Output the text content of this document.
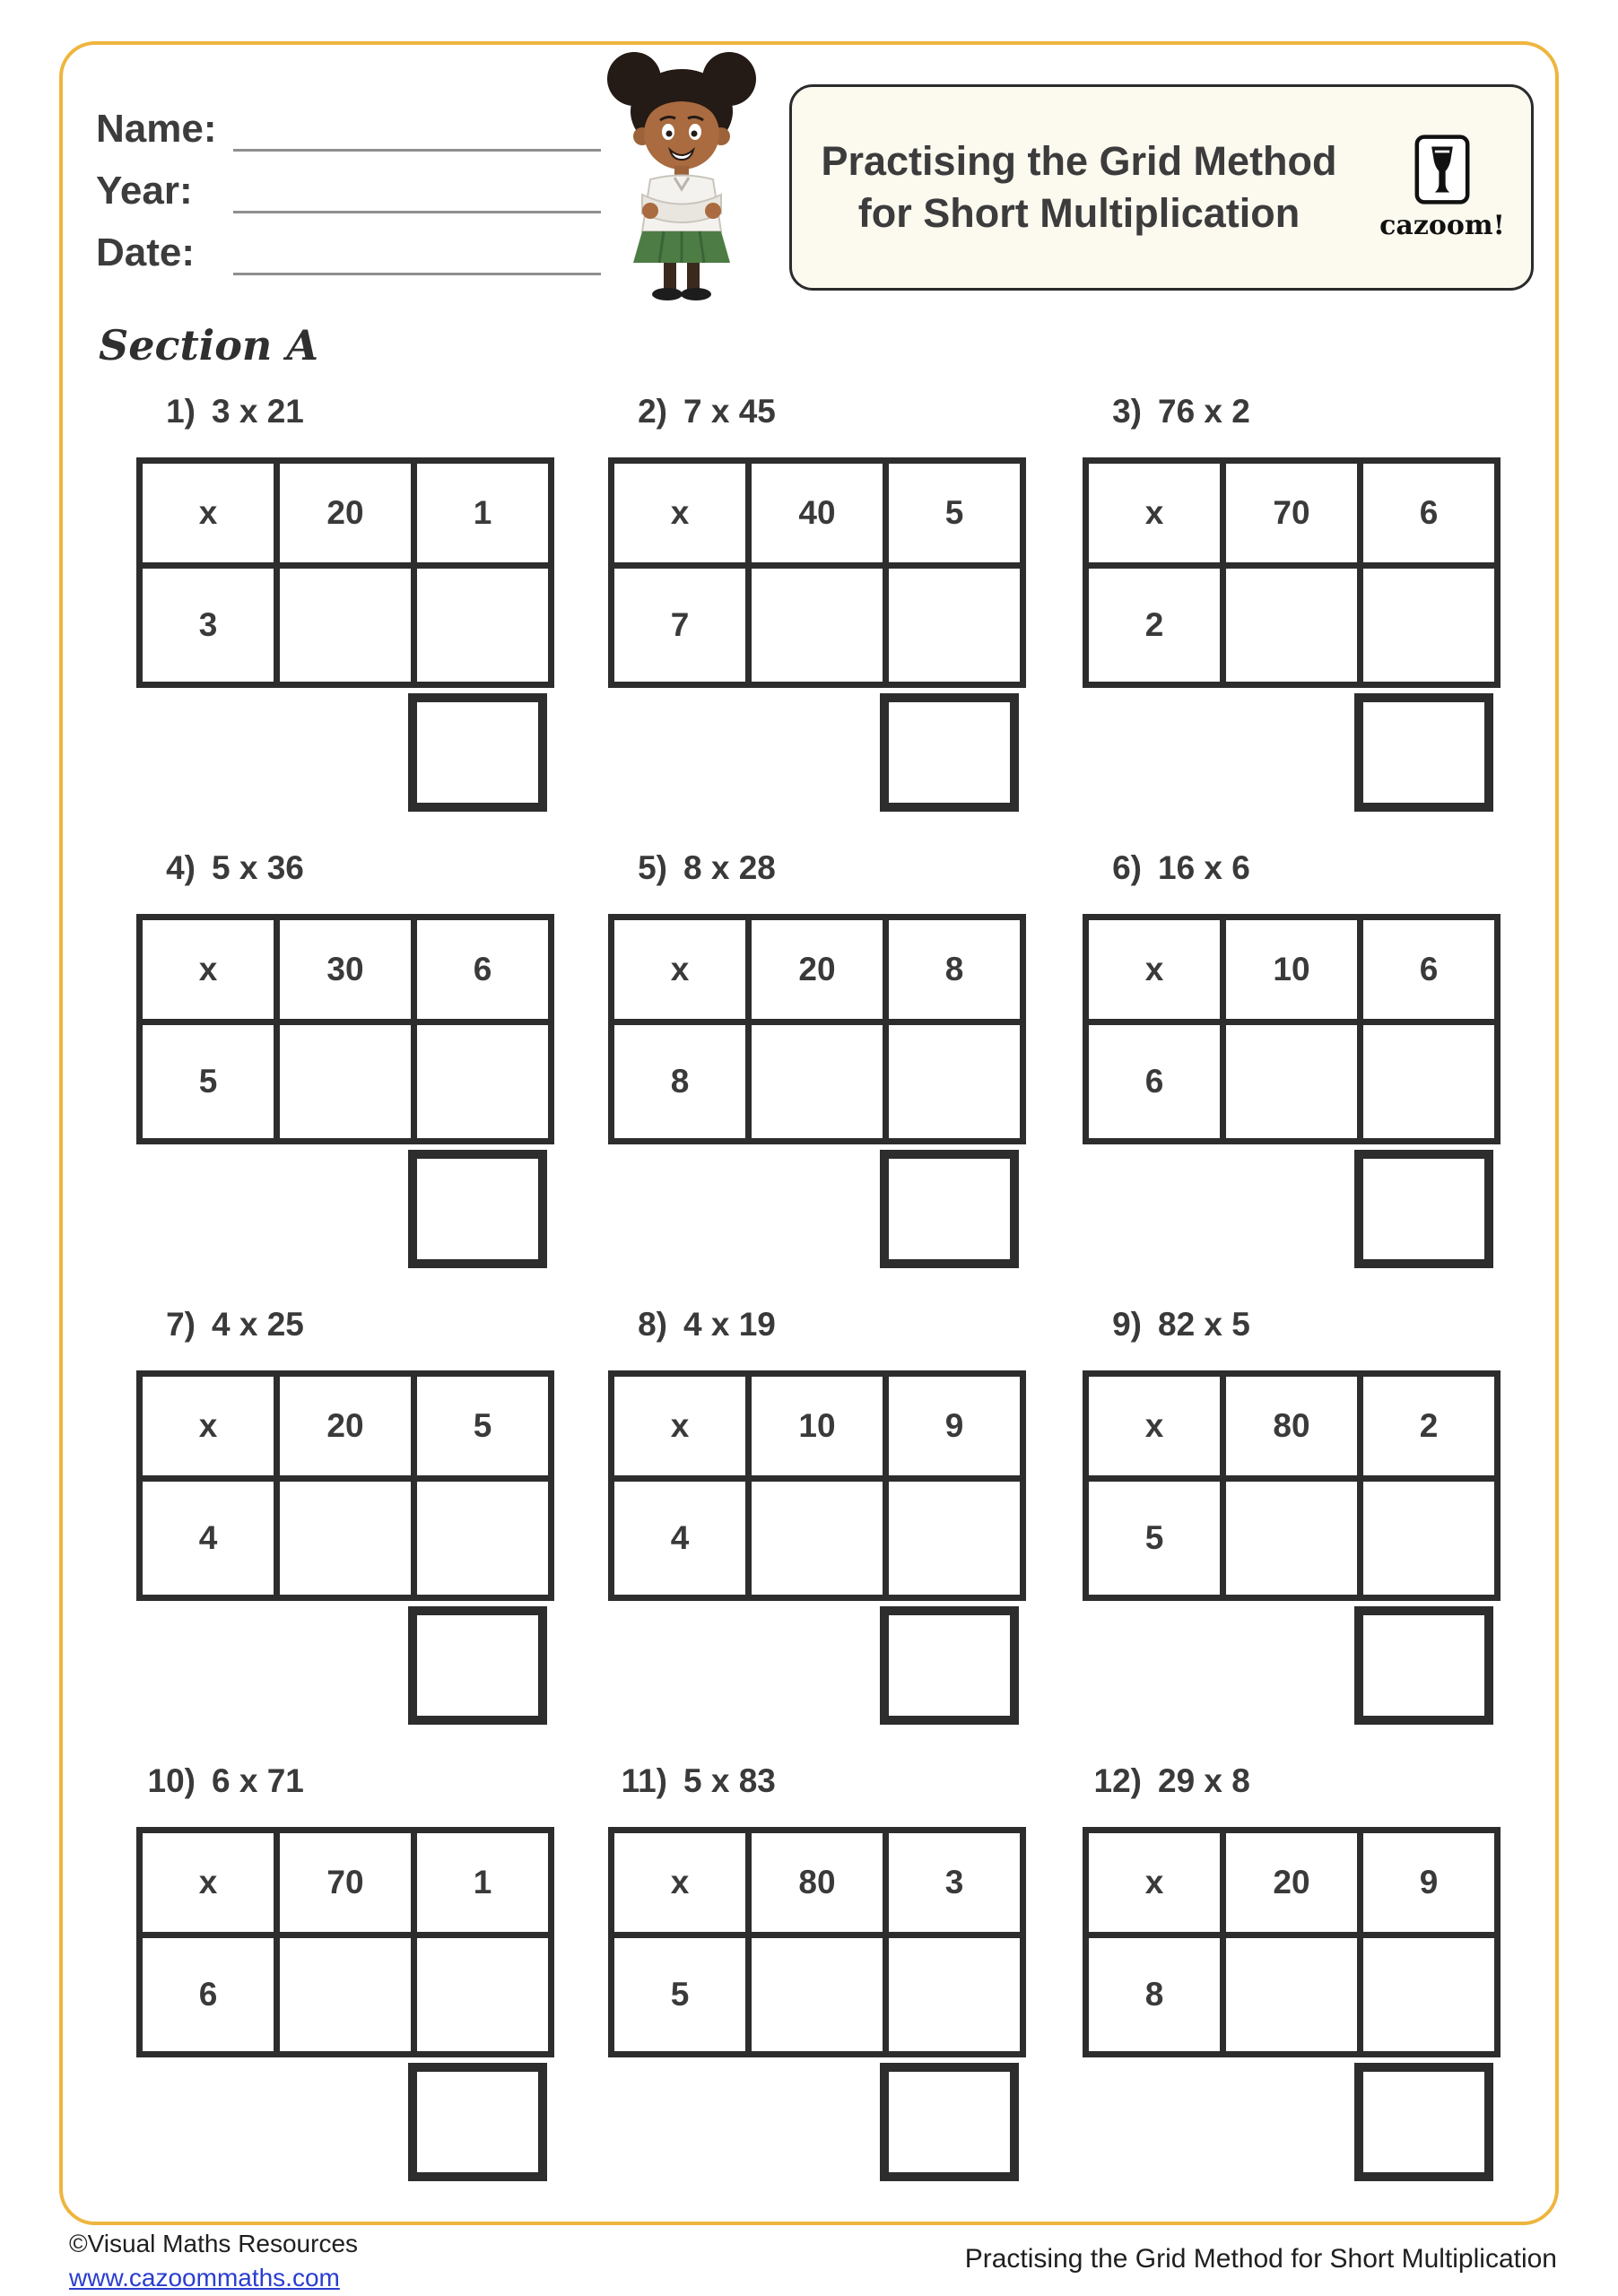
Name:
Year:
Date:
Practising the Grid Method
for Short Multiplication	cazoom!
Section A
1) 3 x 21
x	20	1
3		
2) 7 x 45
x	40	5
7		
3) 76 x 2
x	70	6
2		
4) 5 x 36
x	30	6
5		
5) 8 x 28
x	20	8
8		
6) 16 x 6
x	10	6
6		
7) 4 x 25
x	20	5
4		
8) 4 x 19
x	10	9
4		
9) 82 x 5
x	80	2
5		
10) 6 x 71
x	70	1
6		
11) 5 x 83
x	80	3
5		
12) 29 x 8
x	20	9
8		
©Visual Maths Resources
www.cazoommaths.com
Practising the Grid Method for Short Multiplication
